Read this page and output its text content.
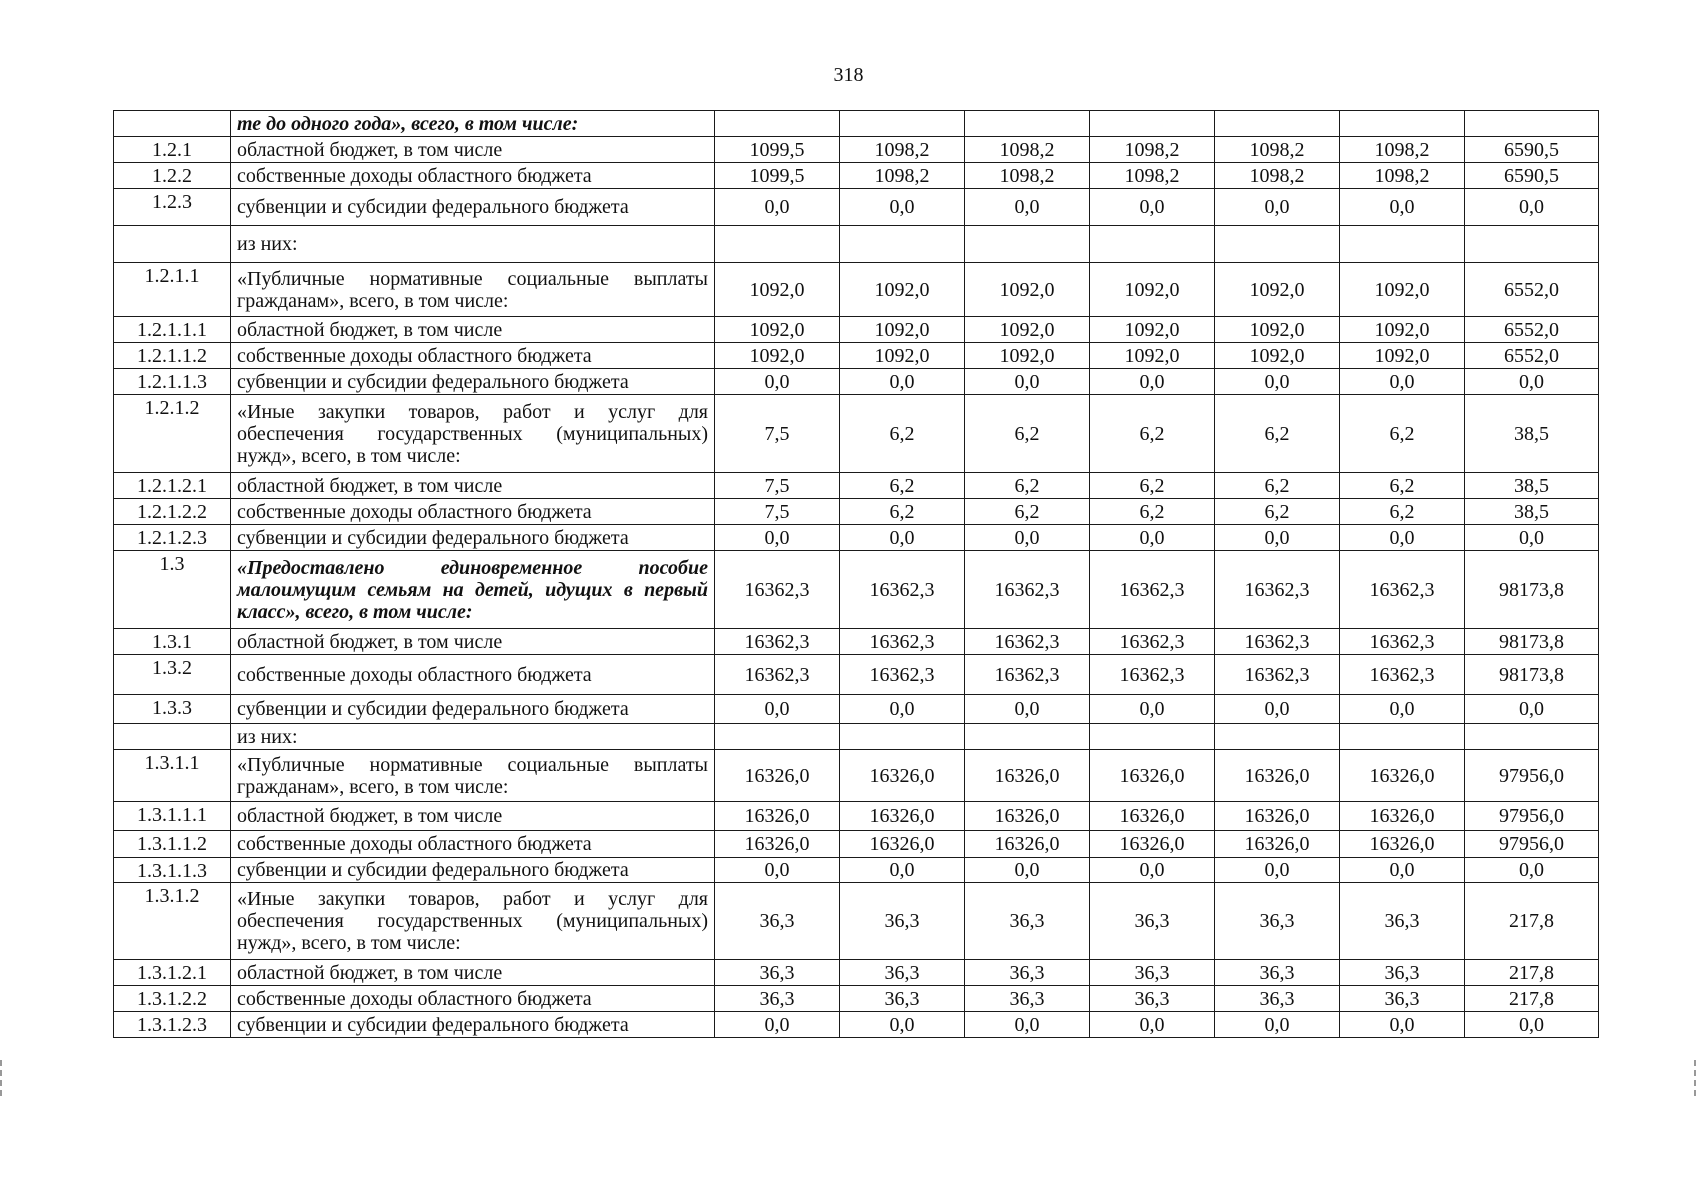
318
	те до одного года», всего, в том числе:							
1.2.1	областной бюджет, в том числе	1099,5	1098,2	1098,2	1098,2	1098,2	1098,2	6590,5
1.2.2	собственные доходы областного бюджета	1099,5	1098,2	1098,2	1098,2	1098,2	1098,2	6590,5
1.2.3	субвенции и субсидии федерального бюджета	0,0	0,0	0,0	0,0	0,0	0,0	0,0
	из них:							
1.2.1.1	«Публичные нормативные социальные выплаты гражданам», всего, в том числе:	1092,0	1092,0	1092,0	1092,0	1092,0	1092,0	6552,0
1.2.1.1.1	областной бюджет, в том числе	1092,0	1092,0	1092,0	1092,0	1092,0	1092,0	6552,0
1.2.1.1.2	собственные доходы областного бюджета	1092,0	1092,0	1092,0	1092,0	1092,0	1092,0	6552,0
1.2.1.1.3	субвенции и субсидии федерального бюджета	0,0	0,0	0,0	0,0	0,0	0,0	0,0
1.2.1.2	«Иные закупки товаров, работ и услуг для обеспечения государственных (муниципальных) нужд», всего, в том числе:	7,5	6,2	6,2	6,2	6,2	6,2	38,5
1.2.1.2.1	областной бюджет, в том числе	7,5	6,2	6,2	6,2	6,2	6,2	38,5
1.2.1.2.2	собственные доходы областного бюджета	7,5	6,2	6,2	6,2	6,2	6,2	38,5
1.2.1.2.3	субвенции и субсидии федерального бюджета	0,0	0,0	0,0	0,0	0,0	0,0	0,0
1.3	«Предоставлено единовременное пособие малоимущим семьям на детей, идущих в первый класс», всего, в том числе:	16362,3	16362,3	16362,3	16362,3	16362,3	16362,3	98173,8
1.3.1	областной бюджет, в том числе	16362,3	16362,3	16362,3	16362,3	16362,3	16362,3	98173,8
1.3.2	собственные доходы областного бюджета	16362,3	16362,3	16362,3	16362,3	16362,3	16362,3	98173,8
1.3.3	субвенции и субсидии федерального бюджета	0,0	0,0	0,0	0,0	0,0	0,0	0,0
	из них:							
1.3.1.1	«Публичные нормативные социальные выплаты гражданам», всего, в том числе:	16326,0	16326,0	16326,0	16326,0	16326,0	16326,0	97956,0
1.3.1.1.1	областной бюджет, в том числе	16326,0	16326,0	16326,0	16326,0	16326,0	16326,0	97956,0
1.3.1.1.2	собственные доходы областного бюджета	16326,0	16326,0	16326,0	16326,0	16326,0	16326,0	97956,0
1.3.1.1.3	субвенции и субсидии федерального бюджета	0,0	0,0	0,0	0,0	0,0	0,0	0,0
1.3.1.2	«Иные закупки товаров, работ и услуг для обеспечения государственных (муниципальных) нужд», всего, в том числе:	36,3	36,3	36,3	36,3	36,3	36,3	217,8
1.3.1.2.1	областной бюджет, в том числе	36,3	36,3	36,3	36,3	36,3	36,3	217,8
1.3.1.2.2	собственные доходы областного бюджета	36,3	36,3	36,3	36,3	36,3	36,3	217,8
1.3.1.2.3	субвенции и субсидии федерального бюджета	0,0	0,0	0,0	0,0	0,0	0,0	0,0
